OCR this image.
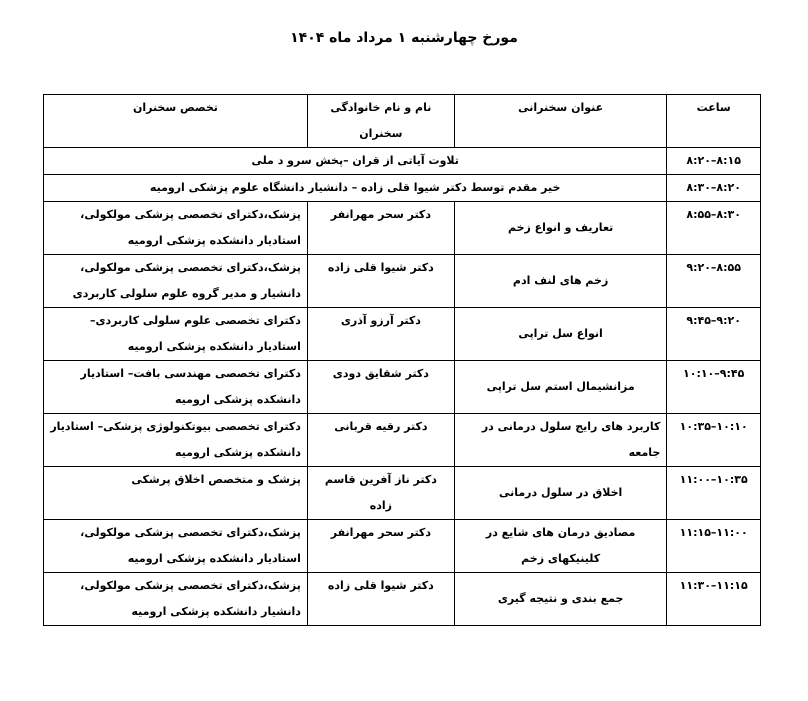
مورخ چهارشنبه ۱ مرداد ماه ۱۴۰۴
ساعت	عنوان سخنرانی	نام و نام خانوادگی سخنران	تخصص سخنران
۸:۱۵–۸:۲۰	تلاوت آیاتی از قران –پخش سرو د ملی		
۸:۲۰–۸:۳۰	خیر مقدم توسط دکتر شیوا قلی زاده – دانشیار دانشگاه علوم پزشکی ارومیه		
۸:۳۰–۸:۵۵	تعاریف و انواع زخم	دکتر سحر مهرانفر	پزشک،دکترای تخصصی پزشکی مولکولی، استادیار دانشکده پزشکی ارومیه
۸:۵۵–۹:۲۰	زخم های لنف ادم	دکتر شیوا قلی زاده	پزشک،دکترای تخصصی پزشکی مولکولی، دانشیار و مدیر گروه علوم سلولی کاربردی
۹:۲۰–۹:۴۵	انواع سل تراپی	دکتر آرزو آذری	دکترای تخصصی علوم سلولی کاربردی– استادیار دانشکده پزشکی ارومیه
۹:۴۵–۱۰:۱۰	مزانشیمال استم سل تراپی	دکتر شقایق دودی	دکترای تخصصی مهندسی بافت– استادیار دانشکده پزشکی ارومیه
۱۰:۱۰–۱۰:۳۵	کاربرد های رایج سلول درمانی در جامعه	دکتر رقیه قربانی	دکترای تخصصی بیوتکنولوژی پزشکی– استادیار دانشکده پزشکی ارومیه
۱۰:۳۵–۱۱:۰۰	اخلاق در سلول درمانی	دکتر ناز آفرین قاسم زاده	پزشک و متخصص اخلاق پرشکی
۱۱:۰۰–۱۱:۱۵	مصادیق درمان های شایع در کلینیکهای زخم	دکتر سحر مهرانفر	پزشک،دکترای تخصصی پزشکی مولکولی، استادیار دانشکده پزشکی ارومیه
۱۱:۱۵–۱۱:۳۰	جمع بندی و نتیجه گیری	دکتر شیوا قلی زاده	پزشک،دکترای تخصصی پزشکی مولکولی، دانشیار دانشکده پزشکی ارومیه
